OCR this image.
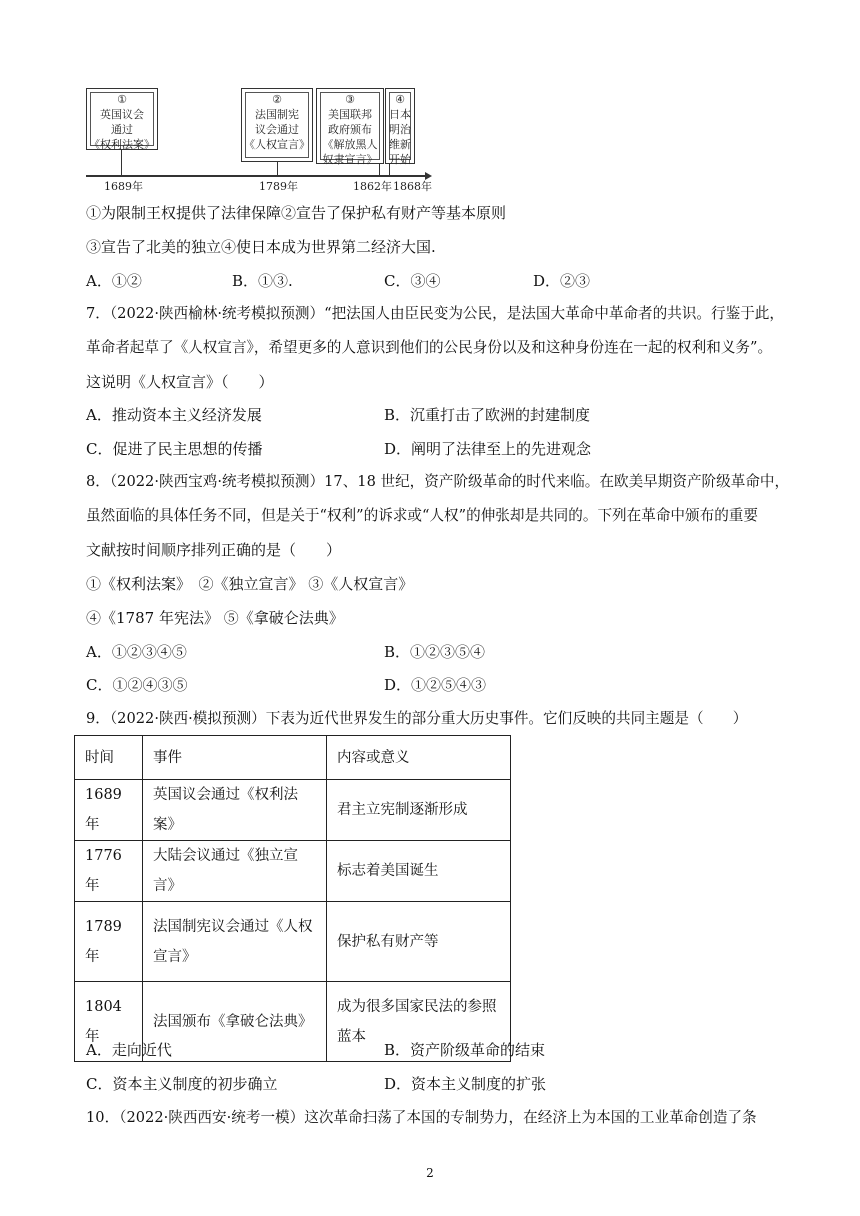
①
英国议会
通过
《权利法案》
②
法国制宪
议会通过
《人权宣言》
③
美国联邦
政府颁布
《解放黑人
奴隶宣言》
④
日本
明治
维新
开始
1689年	1789年	1862年 1868年
①为限制王权提供了法律保障②宣告了保护私有财产等基本原则
③宣告了北美的独立④使日本成为世界第二经济大国.
A．①②	B．①③.	C．③④	D．②③
7．（2022·陕西榆林·统考模拟预测）“把法国人由臣民变为公民，是法国大革命中革命者的共识。行鉴于此，
革命者起草了《人权宣言》，希望更多的人意识到他们的公民身份以及和这种身份连在一起的权利和义务”。
这说明《人权宣言》（　　）
A．推动资本主义经济发展	B．沉重打击了欧洲的封建制度
C．促进了民主思想的传播	D．阐明了法律至上的先进观念
8．（2022·陕西宝鸡·统考模拟预测）17、18 世纪，资产阶级革命的时代来临。在欧美早期资产阶级革命中，
虽然面临的具体任务不同，但是关于“权利”的诉求或“人权”的伸张却是共同的。下列在革命中颁布的重要
文献按时间顺序排列正确的是（　　）
①《权利法案》　②《独立宣言》 ③《人权宣言》
④《1787 年宪法》 ⑤《拿破仑法典》
A．①②③④⑤	B．①②③⑤④
C．①②④③⑤	D．①②⑤④③
9．（2022·陕西·模拟预测）下表为近代世界发生的部分重大历史事件。它们反映的共同主题是（　　）
时间	事件	内容或意义
1689 年	英国议会通过《权利法案》	君主立宪制逐渐形成
1776 年	大陆会议通过《独立宣言》	标志着美国诞生
1789 年	法国制宪议会通过《人权宣言》	保护私有财产等
1804 年	法国颁布《拿破仑法典》	成为很多国家民法的参照蓝本
A．走向近代	B．资产阶级革命的结束
C．资本主义制度的初步确立	D．资本主义制度的扩张
10．（2022·陕西西安·统考一模）这次革命扫荡了本国的专制势力，在经济上为本国的工业革命创造了条
2
